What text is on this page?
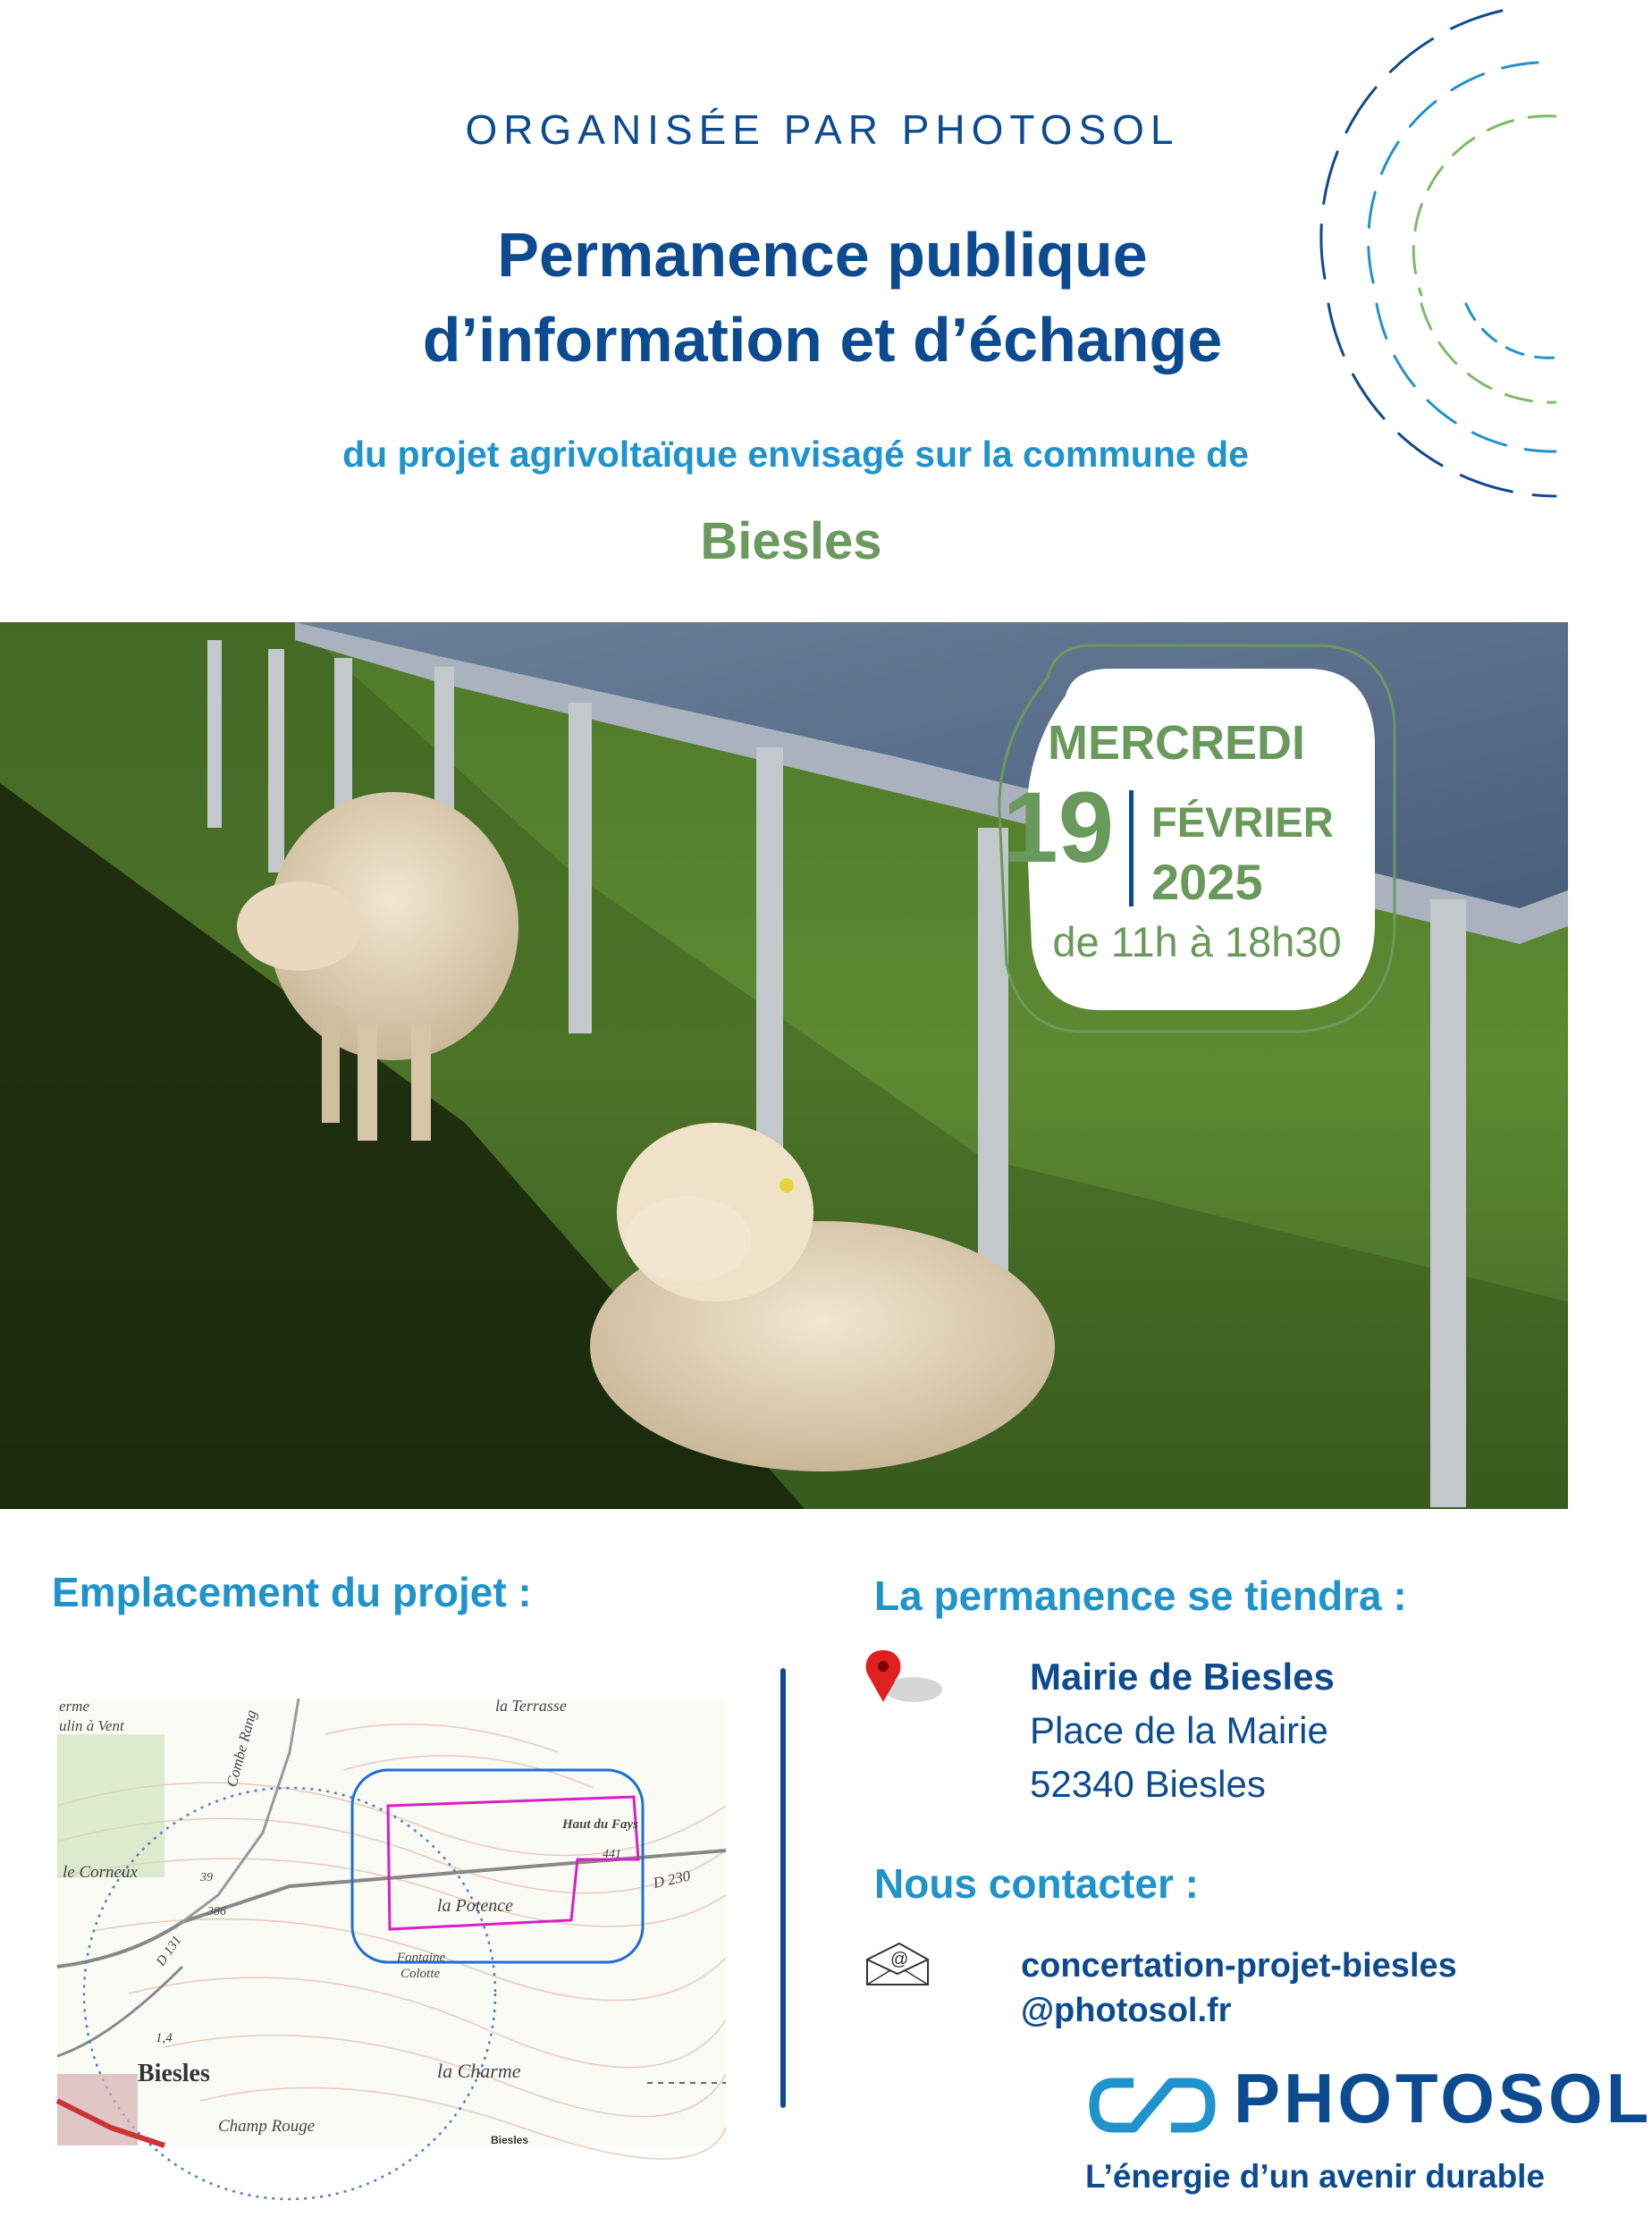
ORGANISÉE PAR PHOTOSOL
Permanence publique
d’information et d’échange
du projet agrivoltaïque envisagé sur la commune de
Biesles
MERCREDI
19 FÉVRIER
2025
de 11h à 18h30
Emplacement du projet :
erme
ulin à Vent
la Terrasse
Combe Rang
Haut du Fays
441
le Corneux	39
386	la Potence
D 230
D 131	Fontaine
Colotte
1,4
Biesles	la Charme
Champ Rouge
Biesles
La permanence se tiendra :
Mairie de Biesles
Place de la Mairie
52340 Biesles
Nous contacter :
@	concertation-projet-biesles
@photosol.fr
PHOTOSOL
L’énergie d’un avenir durable
